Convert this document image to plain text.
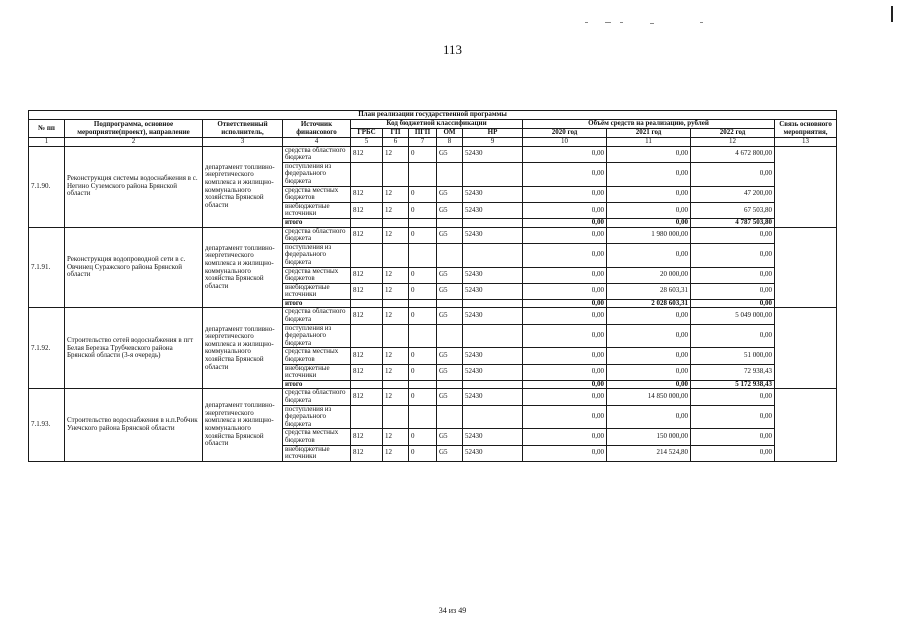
113
План реализации государственной программы												
№ пп	Подпрограмма, основное мероприятие(проект), направление	Ответственный исполнитель,	Источник финансового	Код бюджетной классификации					Объём средств на реализацию, рублей			Связь основного мероприятия,
				ГРБС	ГП	ПГП	ОМ	НР	2020 год	2021 год	2022 год	
1	2	3	4	5	6	7	8	9	10	11	12	13
7.1.90.	Реконструкция системы водоснабжения в с. Негино Суземского района Брянской области	департамент топливно-энергетического комплекса и жилищно-коммунального хозяйства Брянской области	средства областного бюджета	812	12	0	G5	52430	0,00	0,00	4 672 800,00	
			поступления из федерального бюджета						0,00	0,00	0,00	
			средства местных бюджетов	812	12	0	G5	52430	0,00	0,00	47 200,00	
			внебюджетные источники	812	12	0	G5	52430	0,00	0,00	67 503,80	
			итого						0,00	0,00	4 787 503,80	
7.1.91.	Реконструкция водопроводной сети в с. Овчинец Суражского района Брянской области	департамент топливно-энергетического комплекса и жилищно-коммунального хозяйства Брянской области	средства областного бюджета	812	12	0	G5	52430	0,00	1 980 000,00	0,00	
			поступления из федерального бюджета						0,00	0,00	0,00	
			средства местных бюджетов	812	12	0	G5	52430	0,00	20 000,00	0,00	
			внебюджетные источники	812	12	0	G5	52430	0,00	28 603,31	0,00	
			итого						0,00	2 028 603,31	0,00	
7.1.92.	Строительство сетей водоснабжения в пгт Белая Березка Трубчевского района Брянской области (3-я очередь)	департамент топливно-энергетического комплекса и жилищно-коммунального хозяйства Брянской области	средства областного бюджета	812	12	0	G5	52430	0,00	0,00	5 049 000,00	
			поступления из федерального бюджета						0,00	0,00	0,00	
			средства местных бюджетов	812	12	0	G5	52430	0,00	0,00	51 000,00	
			внебюджетные источники	812	12	0	G5	52430	0,00	0,00	72 938,43	
			итого						0,00	0,00	5 172 938,43	
7.1.93.	Строительство водоснабжения в н.п.Робчик Унечского района Брянской области	департамент топливно-энергетического комплекса и жилищно-коммунального хозяйства Брянской области	средства областного бюджета	812	12	0	G5	52430	0,00	14 850 000,00	0,00	
			поступления из федерального бюджета						0,00	0,00	0,00	
			средства местных бюджетов	812	12	0	G5	52430	0,00	150 000,00	0,00	
			внебюджетные источники	812	12	0	G5	52430	0,00	214 524,80	0,00	
34 из 49
